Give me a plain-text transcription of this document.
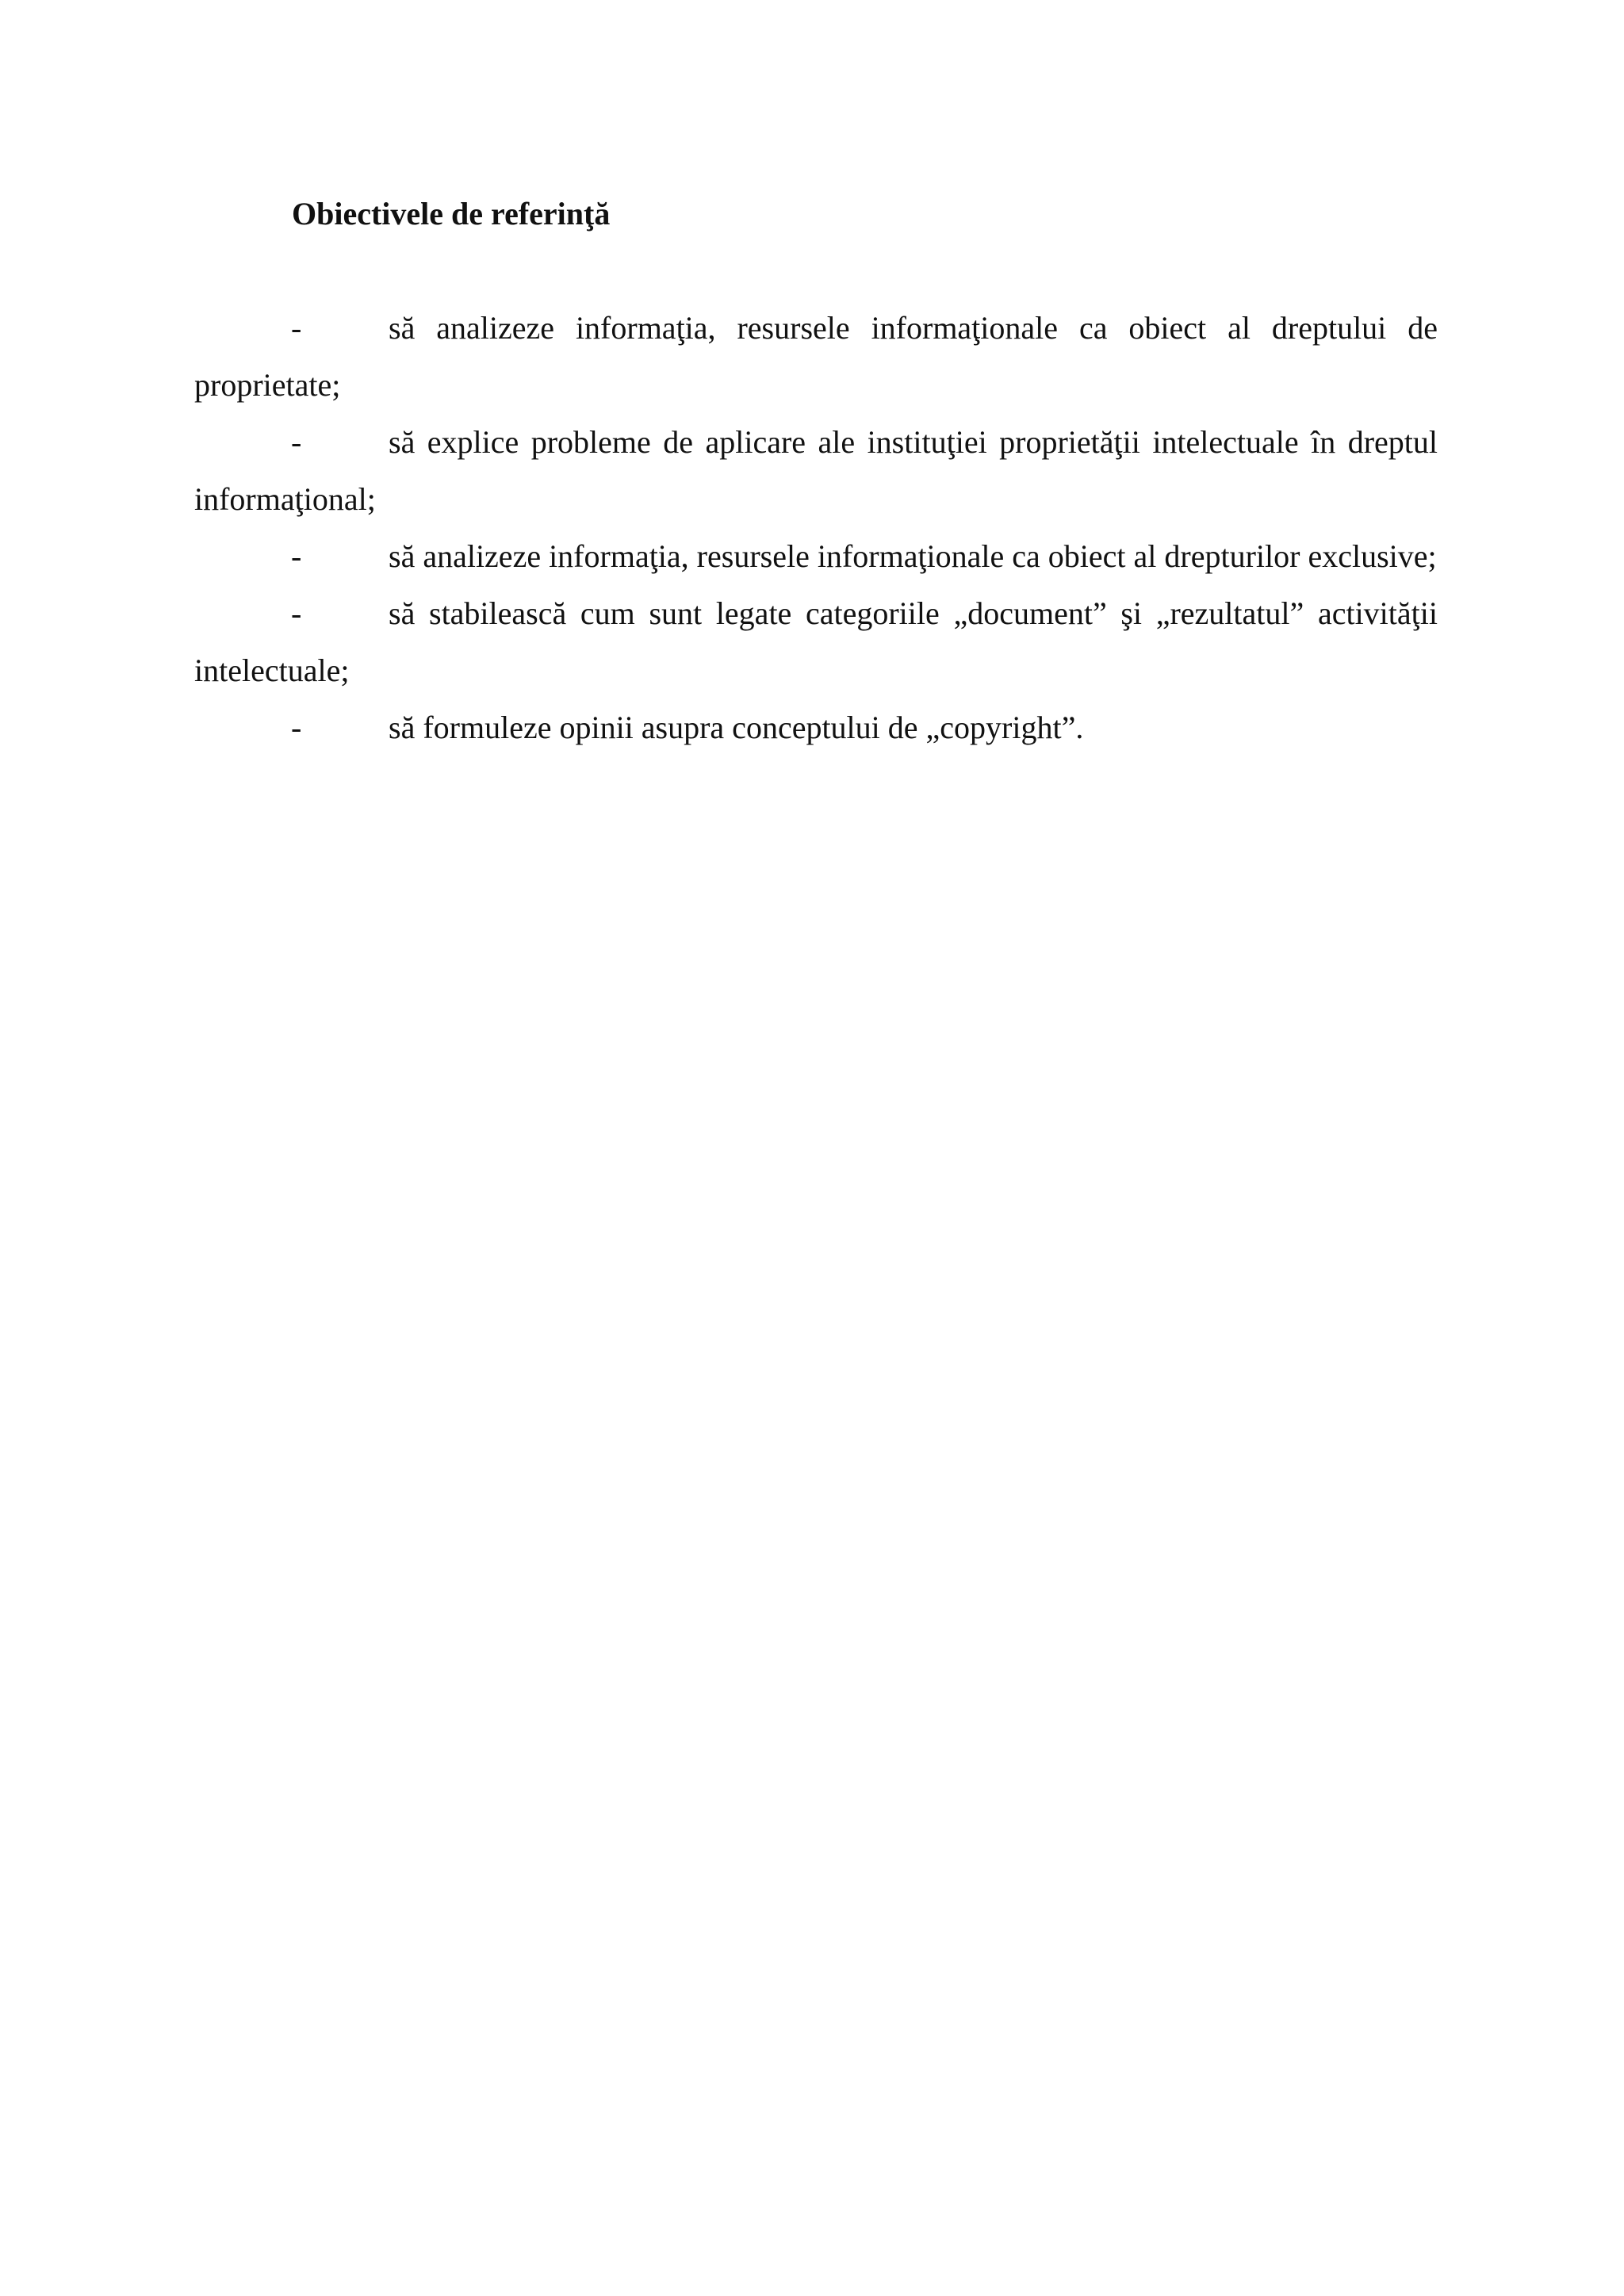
Obiectivele de referinţă
-	să analizeze informaţia, resursele informaţionale ca obiect al dreptului de proprietate;
-	să explice probleme de aplicare ale instituţiei proprietăţii intelectuale în dreptul informaţional;
-	să analizeze informaţia, resursele informaţionale ca obiect al drepturilor exclusive;
-	să stabilească cum sunt legate categoriile „document” şi „rezultatul” activităţii intelectuale;
-	să formuleze opinii asupra conceptului de „copyright”.
